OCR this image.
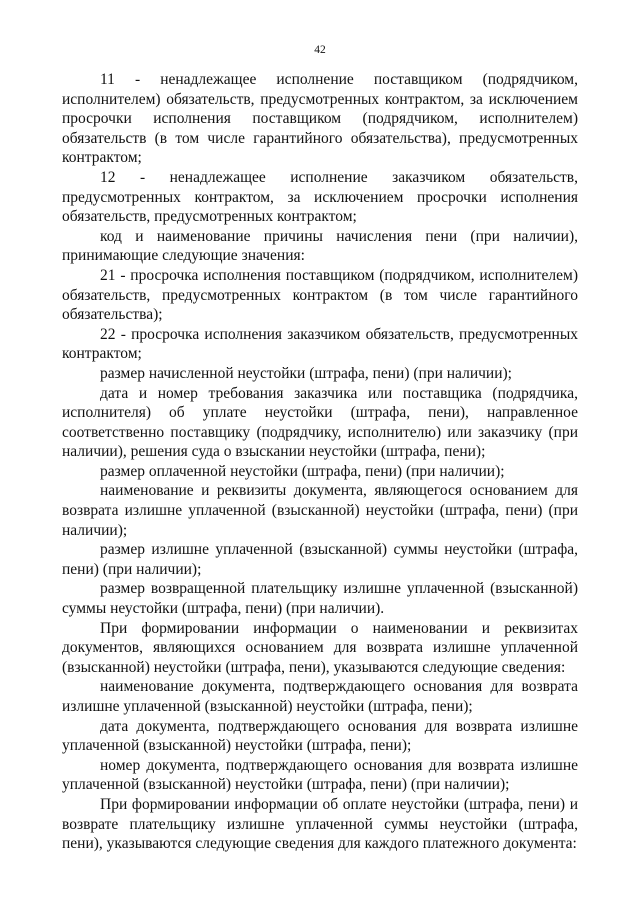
42

11 - ненадлежащее исполнение поставщиком (подрядчиком, исполнителем) обязательств, предусмотренных контрактом, за исключением просрочки исполнения поставщиком (подрядчиком, исполнителем) обязательств (в том числе гарантийного обязательства), предусмотренных контрактом;

12 - ненадлежащее исполнение заказчиком обязательств, предусмотренных контрактом, за исключением просрочки исполнения обязательств, предусмотренных контрактом;

код и наименование причины начисления пени (при наличии), принимающие следующие значения:

21 - просрочка исполнения поставщиком (подрядчиком, исполнителем) обязательств, предусмотренных контрактом (в том числе гарантийного обязательства);

22 - просрочка исполнения заказчиком обязательств, предусмотренных контрактом;

размер начисленной неустойки (штрафа, пени) (при наличии);

дата и номер требования заказчика или поставщика (подрядчика, исполнителя) об уплате неустойки (штрафа, пени), направленное соответственно поставщику (подрядчику, исполнителю) или заказчику (при наличии), решения суда о взыскании неустойки (штрафа, пени);

размер оплаченной неустойки (штрафа, пени) (при наличии);

наименование и реквизиты документа, являющегося основанием для возврата излишне уплаченной (взысканной) неустойки (штрафа, пени) (при наличии);

размер излишне уплаченной (взысканной) суммы неустойки (штрафа, пени) (при наличии);

размер возвращенной плательщику излишне уплаченной (взысканной) суммы неустойки (штрафа, пени) (при наличии).

При формировании информации о наименовании и реквизитах документов, являющихся основанием для возврата излишне уплаченной (взысканной) неустойки (штрафа, пени), указываются следующие сведения:

наименование документа, подтверждающего основания для возврата излишне уплаченной (взысканной) неустойки (штрафа, пени);

дата документа, подтверждающего основания для возврата излишне уплаченной (взысканной) неустойки (штрафа, пени);

номер документа, подтверждающего основания для возврата излишне уплаченной (взысканной) неустойки (штрафа, пени) (при наличии);

При формировании информации об оплате неустойки (штрафа, пени) и возврате плательщику излишне уплаченной суммы неустойки (штрафа, пени), указываются следующие сведения для каждого платежного документа:
